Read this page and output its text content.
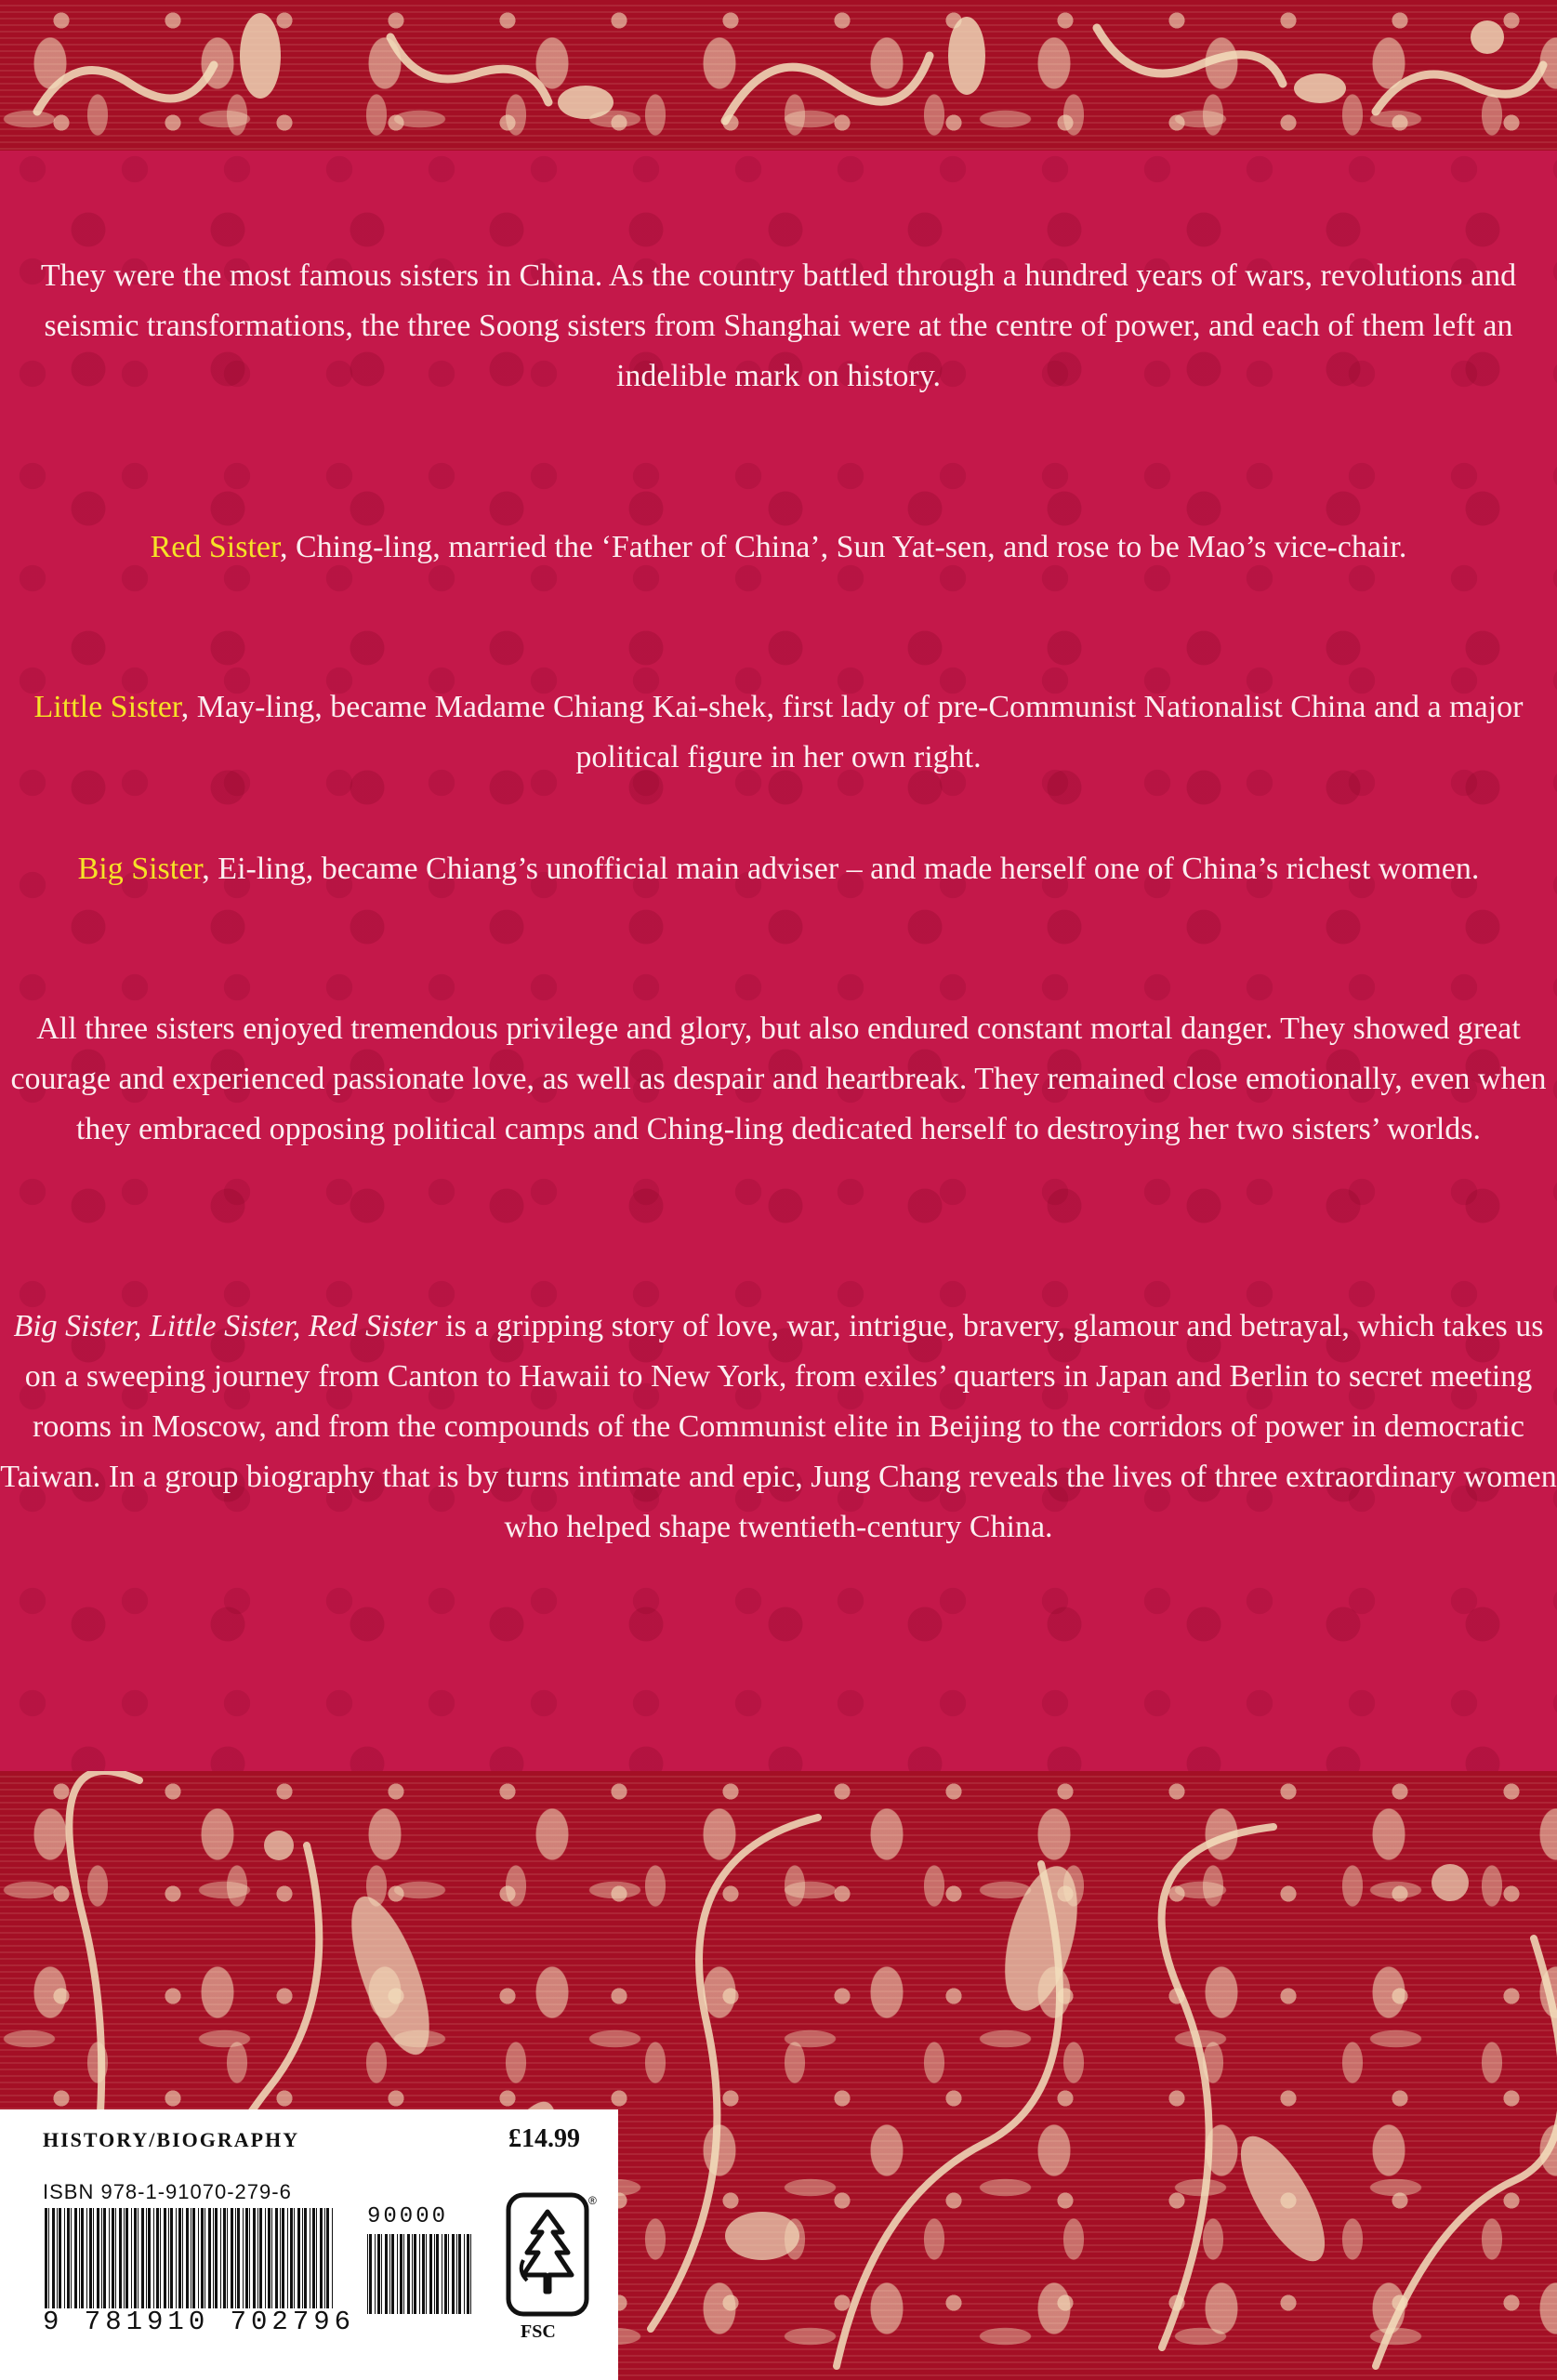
They were the most famous sisters in China. As the country battled through a hundred years of wars, revolutions and seismic transformations, the three Soong sisters from Shanghai were at the centre of power, and each of them left an indelible mark on history.

Red Sister, Ching-ling, married the ‘Father of China’, Sun Yat-sen, and rose to be Mao’s vice-chair.

Little Sister, May-ling, became Madame Chiang Kai-shek, first lady of pre-Communist Nationalist China and a major political figure in her own right.

Big Sister, Ei-ling, became Chiang’s unofficial main adviser – and made herself one of China’s richest women.

All three sisters enjoyed tremendous privilege and glory, but also endured constant mortal danger. They showed great courage and experienced passionate love, as well as despair and heartbreak. They remained close emotionally, even when they embraced opposing political camps and Ching-ling dedicated herself to destroying her two sisters’ worlds.

Big Sister, Little Sister, Red Sister is a gripping story of love, war, intrigue, bravery, glamour and betrayal, which takes us on a sweeping journey from Canton to Hawaii to New York, from exiles’ quarters in Japan and Berlin to secret meeting rooms in Moscow, and from the compounds of the Communist elite in Beijing to the corridors of power in democratic Taiwan. In a group biography that is by turns intimate and epic, Jung Chang reveals the lives of three extraordinary women who helped shape twentieth-century China.

HISTORY/BIOGRAPHY	£14.99
ISBN 978-1-91070-279-6
9 781910 702796
90000
®
FSC
